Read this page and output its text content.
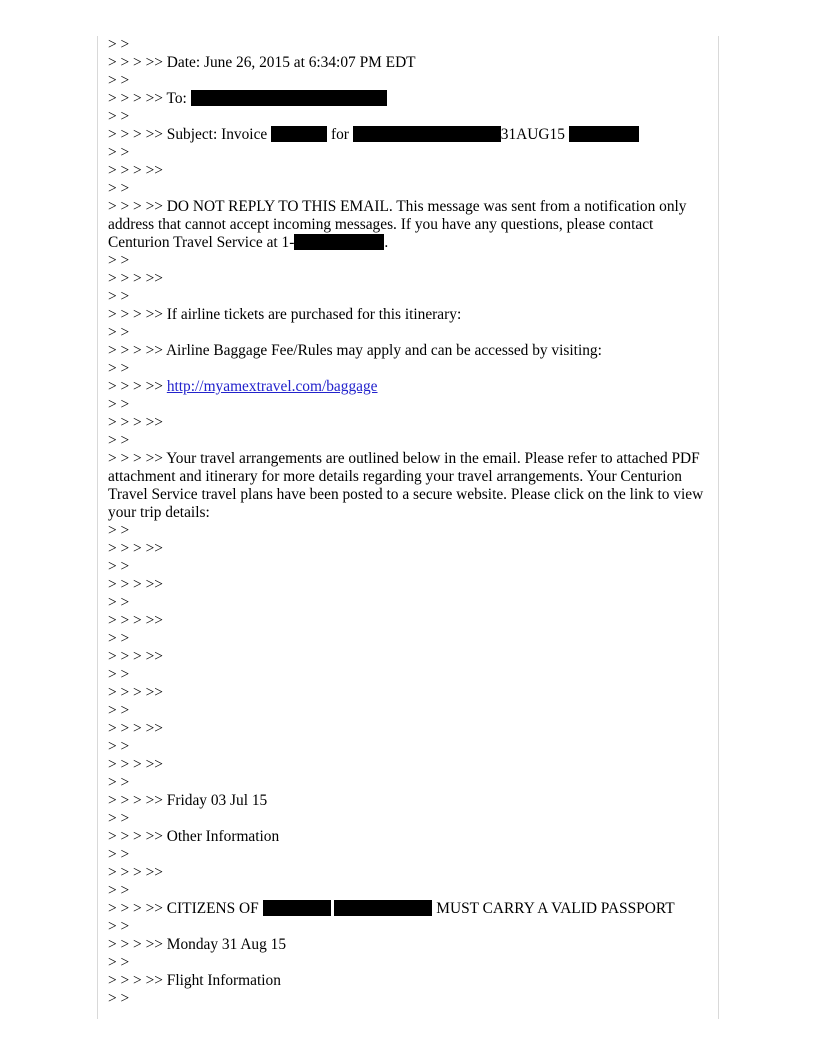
> >
> > > >> Date: June 26, 2015 at 6:34:07 PM EDT
> >
> > > >> To:
> >
> > > >> Subject: Invoice	for	31AUG15
> >
> > > >>
> >
> > > >> DO NOT REPLY TO THIS EMAIL. This message was sent from a notification only address that cannot accept incoming messages. If you have any questions, please contact Centurion Travel Service at 1-	.
> >
> > > >>
> >
> > > >> If airline tickets are purchased for this itinerary:
> >
> > > >> Airline Baggage Fee/Rules may apply and can be accessed by visiting:
> >
> > > >> http://myamextravel.com/baggage
> >
> > > >>
> >
> > > >> Your travel arrangements are outlined below in the email. Please refer to attached PDF attachment and itinerary for more details regarding your travel arrangements. Your Centurion Travel Service travel plans have been posted to a secure website. Please click on the link to view your trip details:
> >
> > > >>
> >
> > > >>
> >
> > > >>
> >
> > > >>
> >
> > > >>
> >
> > > >>
> >
> > > >>
> >
> > > >> Friday 03 Jul 15
> >
> > > >> Other Information
> >
> > > >>
> >
> > > >> CITIZENS OF	MUST CARRY A VALID PASSPORT
> >
> > > >> Monday 31 Aug 15
> >
> > > >> Flight Information
> >
